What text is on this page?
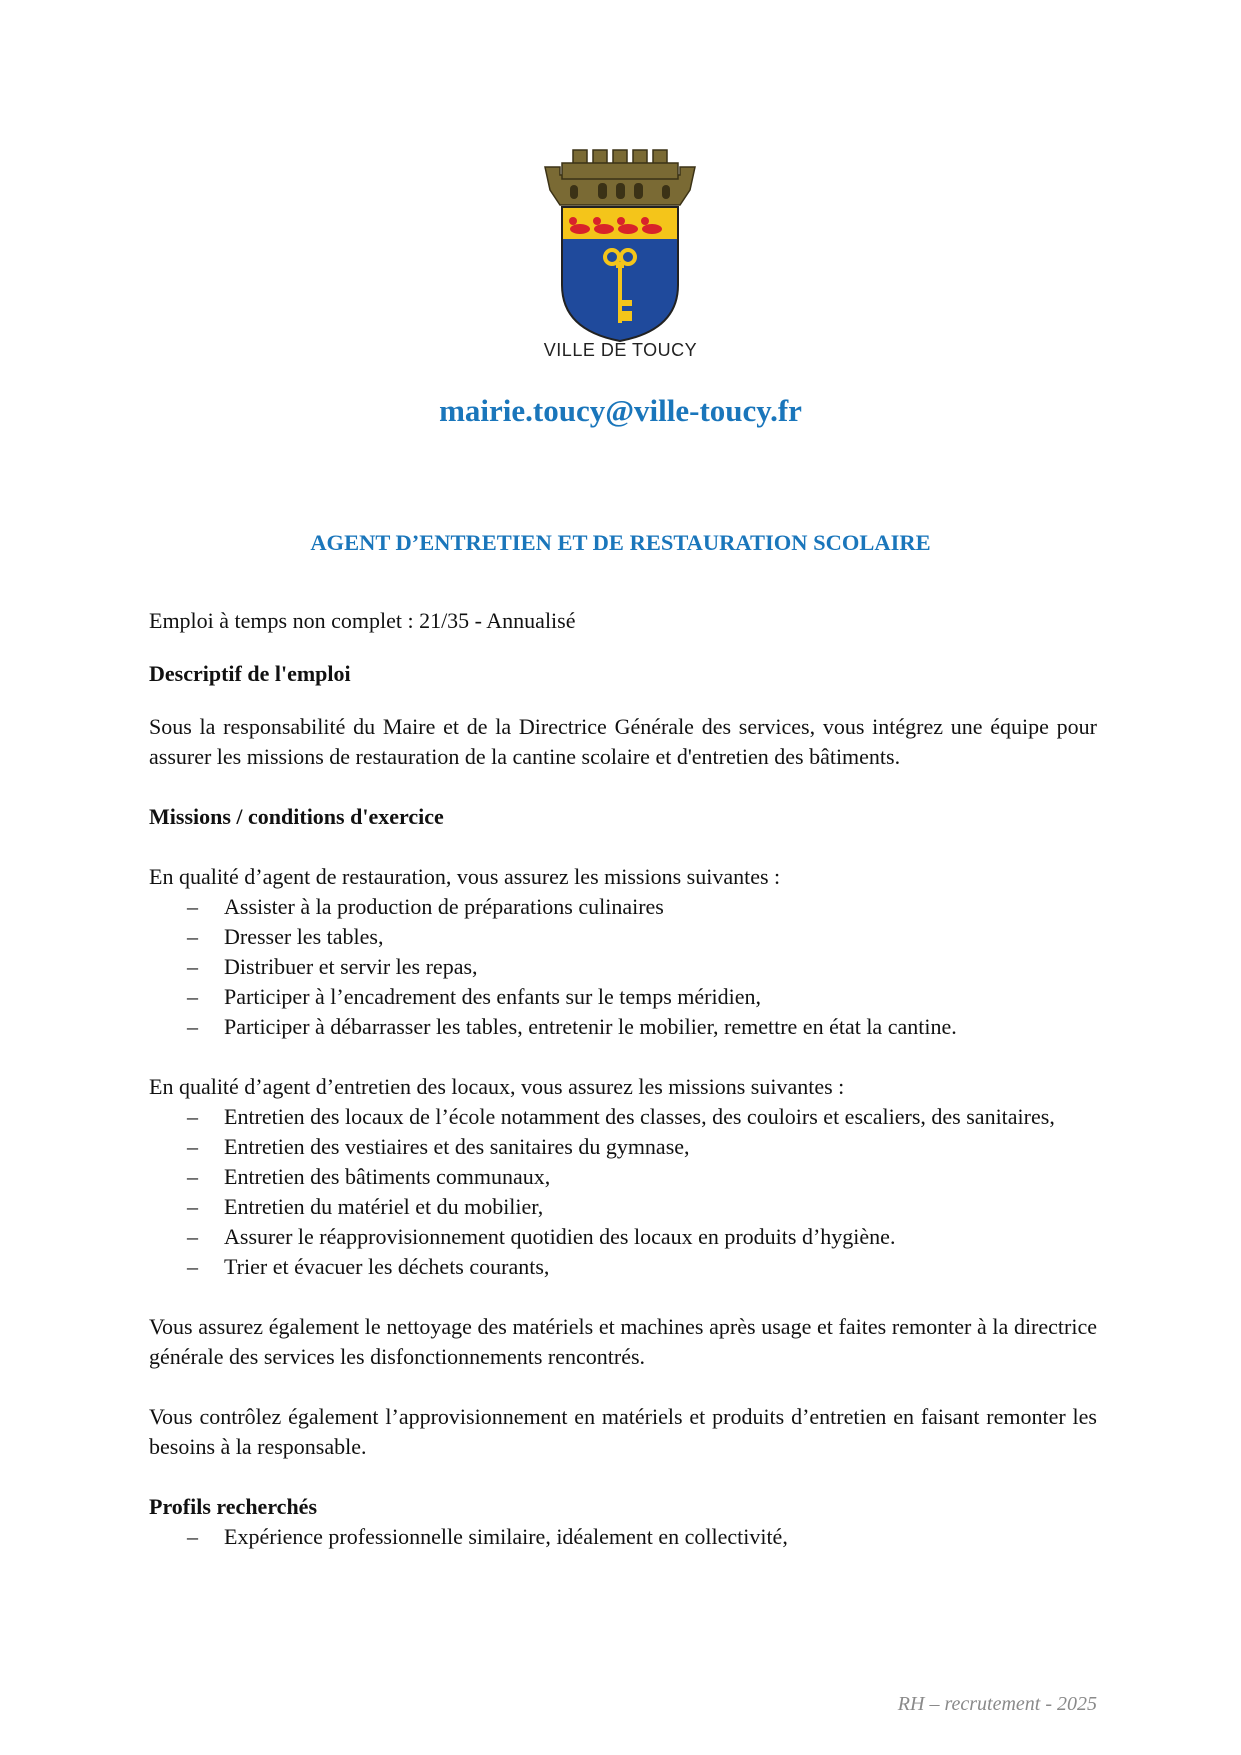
VILLE DE TOUCY
mairie.toucy@ville-toucy.fr
AGENT D’ENTRETIEN ET DE RESTAURATION SCOLAIRE

Emploi à temps non complet : 21/35 - Annualisé

Descriptif de l'emploi

Sous la responsabilité du Maire et de la Directrice Générale des services, vous intégrez une équipe pour assurer les missions de restauration de la cantine scolaire et d'entretien des bâtiments.

Missions / conditions d'exercice

En qualité d’agent de restauration, vous assurez les missions suivantes :

– Assister à la production de préparations culinaires
– Dresser les tables,
– Distribuer et servir les repas,
– Participer à l’encadrement des enfants sur le temps méridien,
– Participer à débarrasser les tables, entretenir le mobilier, remettre en état la cantine.

En qualité d’agent d’entretien des locaux, vous assurez les missions suivantes :

– Entretien des locaux de l’école notamment des classes, des couloirs et escaliers, des sanitaires,
– Entretien des vestiaires et des sanitaires du gymnase,
– Entretien des bâtiments communaux,
– Entretien du matériel et du mobilier,
– Assurer le réapprovisionnement quotidien des locaux en produits d’hygiène.
– Trier et évacuer les déchets courants,

Vous assurez également le nettoyage des matériels et machines après usage et faites remonter à la directrice générale des services les disfonctionnements rencontrés.

Vous contrôlez également l’approvisionnement en matériels et produits d’entretien en faisant remonter les besoins à la responsable.

Profils recherchés

– Expérience professionnelle similaire, idéalement en collectivité,
RH – recrutement - 2025
